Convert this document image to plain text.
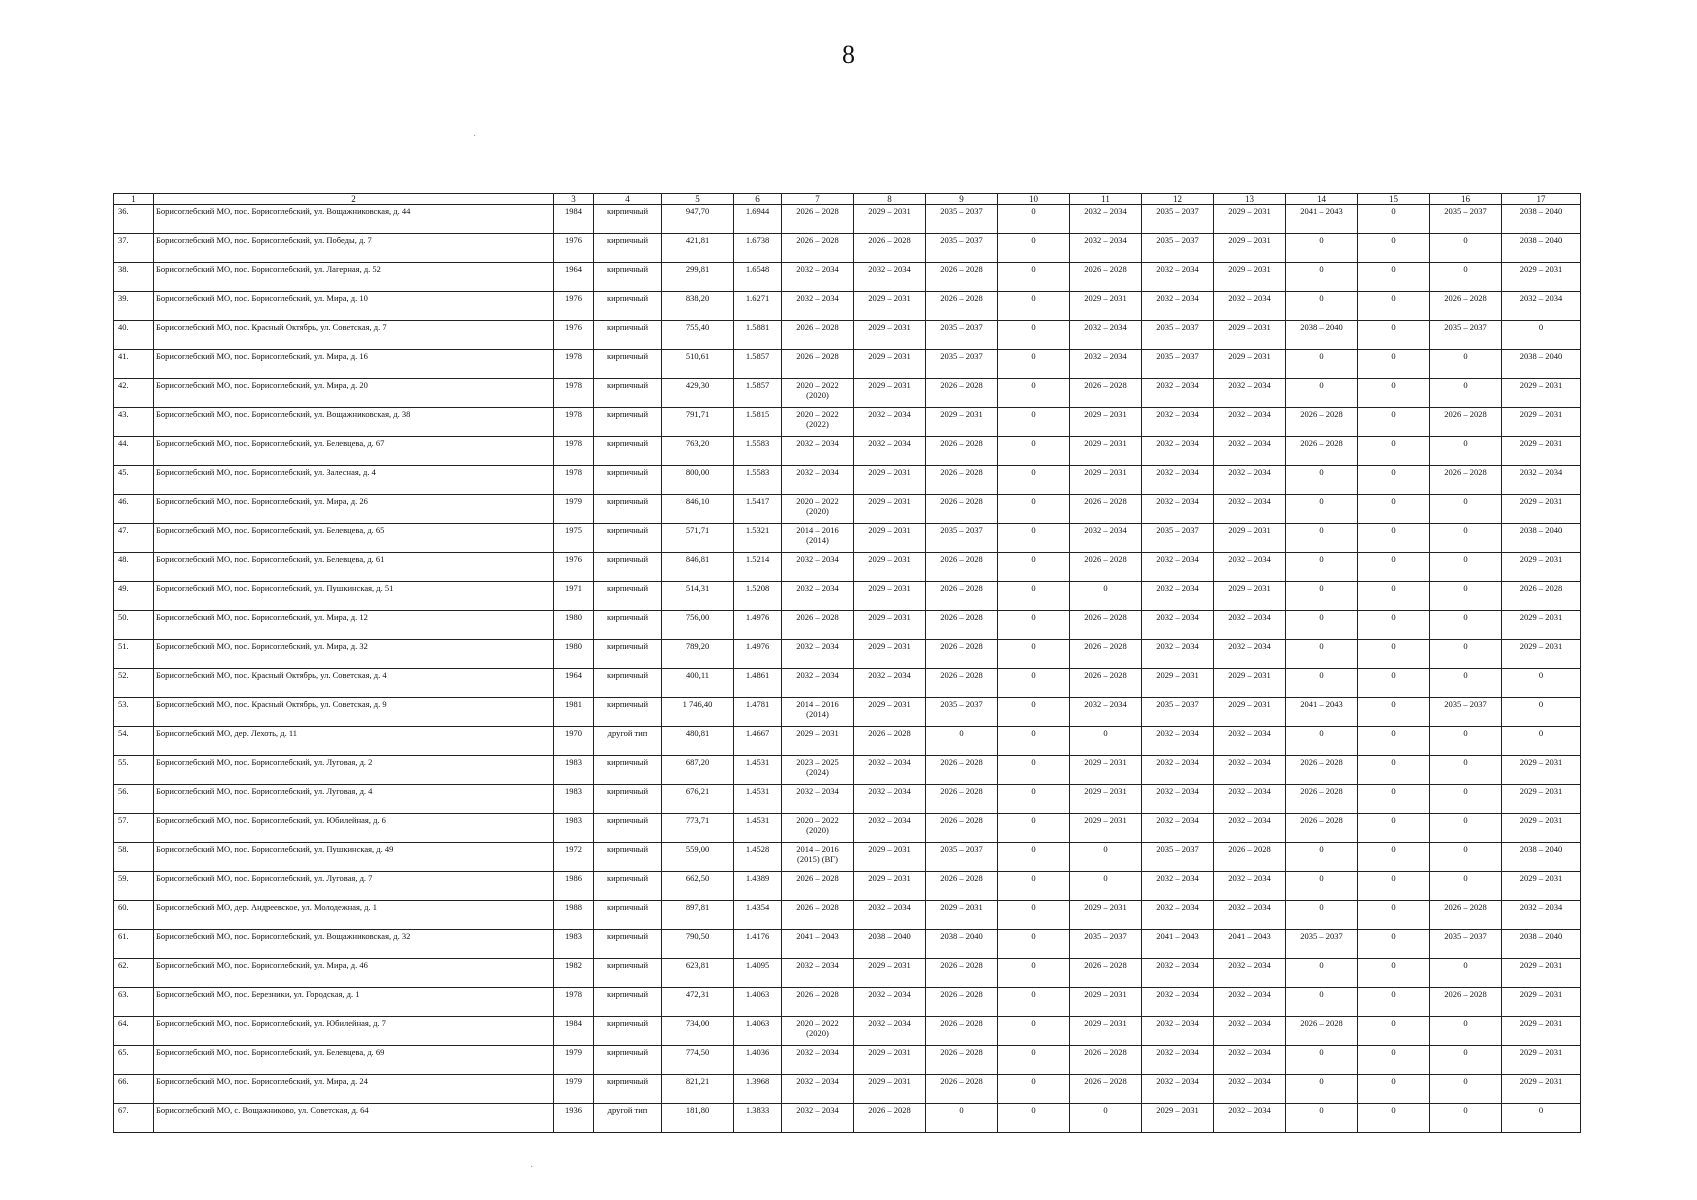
8
1	2	3	4	5	6	7	8	9	10	11	12	13	14	15	16	17
36.	Борисоглебский МО, пос. Борисоглебский, ул. Вощажниковская, д. 44	1984	кирпичный	947,70	1.6944	2026 – 2028	2029 – 2031	2035 – 2037	0	2032 – 2034	2035 – 2037	2029 – 2031	2041 – 2043	0	2035 – 2037	2038 – 2040
37.	Борисоглебский МО, пос. Борисоглебский, ул. Победы, д. 7	1976	кирпичный	421,81	1.6738	2026 – 2028	2026 – 2028	2035 – 2037	0	2032 – 2034	2035 – 2037	2029 – 2031	0	0	0	2038 – 2040
38.	Борисоглебский МО, пос. Борисоглебский, ул. Лагерная, д. 52	1964	кирпичный	299,81	1.6548	2032 – 2034	2032 – 2034	2026 – 2028	0	2026 – 2028	2032 – 2034	2029 – 2031	0	0	0	2029 – 2031
39.	Борисоглебский МО, пос. Борисоглебский, ул. Мира, д. 10	1976	кирпичный	838,20	1.6271	2032 – 2034	2029 – 2031	2026 – 2028	0	2029 – 2031	2032 – 2034	2032 – 2034	0	0	2026 – 2028	2032 – 2034
40.	Борисоглебский МО, пос. Красный Октябрь, ул. Советская, д. 7	1976	кирпичный	755,40	1.5881	2026 – 2028	2029 – 2031	2035 – 2037	0	2032 – 2034	2035 – 2037	2029 – 2031	2038 – 2040	0	2035 – 2037	0
41.	Борисоглебский МО, пос. Борисоглебский, ул. Мира, д. 16	1978	кирпичный	510,61	1.5857	2026 – 2028	2029 – 2031	2035 – 2037	0	2032 – 2034	2035 – 2037	2029 – 2031	0	0	0	2038 – 2040
42.	Борисоглебский МО, пос. Борисоглебский, ул. Мира, д. 20	1978	кирпичный	429,30	1.5857	2020 – 2022 (2020)	2029 – 2031	2026 – 2028	0	2026 – 2028	2032 – 2034	2032 – 2034	0	0	0	2029 – 2031
43.	Борисоглебский МО, пос. Борисоглебский, ул. Вощажниковская, д. 38	1978	кирпичный	791,71	1.5815	2020 – 2022 (2022)	2032 – 2034	2029 – 2031	0	2029 – 2031	2032 – 2034	2032 – 2034	2026 – 2028	0	2026 – 2028	2029 – 2031
44.	Борисоглебский МО, пос. Борисоглебский, ул. Белевцева, д. 67	1978	кирпичный	763,20	1.5583	2032 – 2034	2032 – 2034	2026 – 2028	0	2029 – 2031	2032 – 2034	2032 – 2034	2026 – 2028	0	0	2029 – 2031
45.	Борисоглебский МО, пос. Борисоглебский, ул. Залесная, д. 4	1978	кирпичный	800,00	1.5583	2032 – 2034	2029 – 2031	2026 – 2028	0	2029 – 2031	2032 – 2034	2032 – 2034	0	0	2026 – 2028	2032 – 2034
46.	Борисоглебский МО, пос. Борисоглебский, ул. Мира, д. 26	1979	кирпичный	846,10	1.5417	2020 – 2022 (2020)	2029 – 2031	2026 – 2028	0	2026 – 2028	2032 – 2034	2032 – 2034	0	0	0	2029 – 2031
47.	Борисоглебский МО, пос. Борисоглебский, ул. Белевцева, д. 65	1975	кирпичный	571,71	1.5321	2014 – 2016 (2014)	2029 – 2031	2035 – 2037	0	2032 – 2034	2035 – 2037	2029 – 2031	0	0	0	2038 – 2040
48.	Борисоглебский МО, пос. Борисоглебский, ул. Белевцева, д. 61	1976	кирпичный	846,81	1.5214	2032 – 2034	2029 – 2031	2026 – 2028	0	2026 – 2028	2032 – 2034	2032 – 2034	0	0	0	2029 – 2031
49.	Борисоглебский МО, пос. Борисоглебский, ул. Пушкинская, д. 51	1971	кирпичный	514,31	1.5208	2032 – 2034	2029 – 2031	2026 – 2028	0	0	2032 – 2034	2029 – 2031	0	0	0	2026 – 2028
50.	Борисоглебский МО, пос. Борисоглебский, ул. Мира, д. 12	1980	кирпичный	756,00	1.4976	2026 – 2028	2029 – 2031	2026 – 2028	0	2026 – 2028	2032 – 2034	2032 – 2034	0	0	0	2029 – 2031
51.	Борисоглебский МО, пос. Борисоглебский, ул. Мира, д. 32	1980	кирпичный	789,20	1.4976	2032 – 2034	2029 – 2031	2026 – 2028	0	2026 – 2028	2032 – 2034	2032 – 2034	0	0	0	2029 – 2031
52.	Борисоглебский МО, пос. Красный Октябрь, ул. Советская, д. 4	1964	кирпичный	400,11	1.4861	2032 – 2034	2032 – 2034	2026 – 2028	0	2026 – 2028	2029 – 2031	2029 – 2031	0	0	0	0
53.	Борисоглебский МО, пос. Красный Октябрь, ул. Советская, д. 9	1981	кирпичный	1 746,40	1.4781	2014 – 2016 (2014)	2029 – 2031	2035 – 2037	0	2032 – 2034	2035 – 2037	2029 – 2031	2041 – 2043	0	2035 – 2037	0
54.	Борисоглебский МО, дер. Лехоть, д. 11	1970	другой тип	480,81	1.4667	2029 – 2031	2026 – 2028	0	0	0	2032 – 2034	2032 – 2034	0	0	0	0
55.	Борисоглебский МО, пос. Борисоглебский, ул. Луговая, д. 2	1983	кирпичный	687,20	1.4531	2023 – 2025 (2024)	2032 – 2034	2026 – 2028	0	2029 – 2031	2032 – 2034	2032 – 2034	2026 – 2028	0	0	2029 – 2031
56.	Борисоглебский МО, пос. Борисоглебский, ул. Луговая, д. 4	1983	кирпичный	676,21	1.4531	2032 – 2034	2032 – 2034	2026 – 2028	0	2029 – 2031	2032 – 2034	2032 – 2034	2026 – 2028	0	0	2029 – 2031
57.	Борисоглебский МО, пос. Борисоглебский, ул. Юбилейная, д. 6	1983	кирпичный	773,71	1.4531	2020 – 2022 (2020)	2032 – 2034	2026 – 2028	0	2029 – 2031	2032 – 2034	2032 – 2034	2026 – 2028	0	0	2029 – 2031
58.	Борисоглебский МО, пос. Борисоглебский, ул. Пушкинская, д. 49	1972	кирпичный	559,00	1.4528	2014 – 2016 (2015) (ВГ)	2029 – 2031	2035 – 2037	0	0	2035 – 2037	2026 – 2028	0	0	0	2038 – 2040
59.	Борисоглебский МО, пос. Борисоглебский, ул. Луговая, д. 7	1986	кирпичный	662,50	1.4389	2026 – 2028	2029 – 2031	2026 – 2028	0	0	2032 – 2034	2032 – 2034	0	0	0	2029 – 2031
60.	Борисоглебский МО, дер. Андреевское, ул. Молодежная, д. 1	1988	кирпичный	897,81	1.4354	2026 – 2028	2032 – 2034	2029 – 2031	0	2029 – 2031	2032 – 2034	2032 – 2034	0	0	2026 – 2028	2032 – 2034
61.	Борисоглебский МО, пос. Борисоглебский, ул. Вощажниковская, д. 32	1983	кирпичный	790,50	1.4176	2041 – 2043	2038 – 2040	2038 – 2040	0	2035 – 2037	2041 – 2043	2041 – 2043	2035 – 2037	0	2035 – 2037	2038 – 2040
62.	Борисоглебский МО, пос. Борисоглебский, ул. Мира, д. 46	1982	кирпичный	623,81	1.4095	2032 – 2034	2029 – 2031	2026 – 2028	0	2026 – 2028	2032 – 2034	2032 – 2034	0	0	0	2029 – 2031
63.	Борисоглебский МО, пос. Березники, ул. Городская, д. 1	1978	кирпичный	472,31	1.4063	2026 – 2028	2032 – 2034	2026 – 2028	0	2029 – 2031	2032 – 2034	2032 – 2034	0	0	2026 – 2028	2029 – 2031
64.	Борисоглебский МО, пос. Борисоглебский, ул. Юбилейная, д. 7	1984	кирпичный	734,00	1.4063	2020 – 2022 (2020)	2032 – 2034	2026 – 2028	0	2029 – 2031	2032 – 2034	2032 – 2034	2026 – 2028	0	0	2029 – 2031
65.	Борисоглебский МО, пос. Борисоглебский, ул. Белевцева, д. 69	1979	кирпичный	774,50	1.4036	2032 – 2034	2029 – 2031	2026 – 2028	0	2026 – 2028	2032 – 2034	2032 – 2034	0	0	0	2029 – 2031
66.	Борисоглебский МО, пос. Борисоглебский, ул. Мира, д. 24	1979	кирпичный	821,21	1.3968	2032 – 2034	2029 – 2031	2026 – 2028	0	2026 – 2028	2032 – 2034	2032 – 2034	0	0	0	2029 – 2031
67.	Борисоглебский МО, с. Вощажниково, ул. Советская, д. 64	1936	другой тип	181,80	1.3833	2032 – 2034	2026 – 2028	0	0	0	2029 – 2031	2032 – 2034	0	0	0	0
·
·
